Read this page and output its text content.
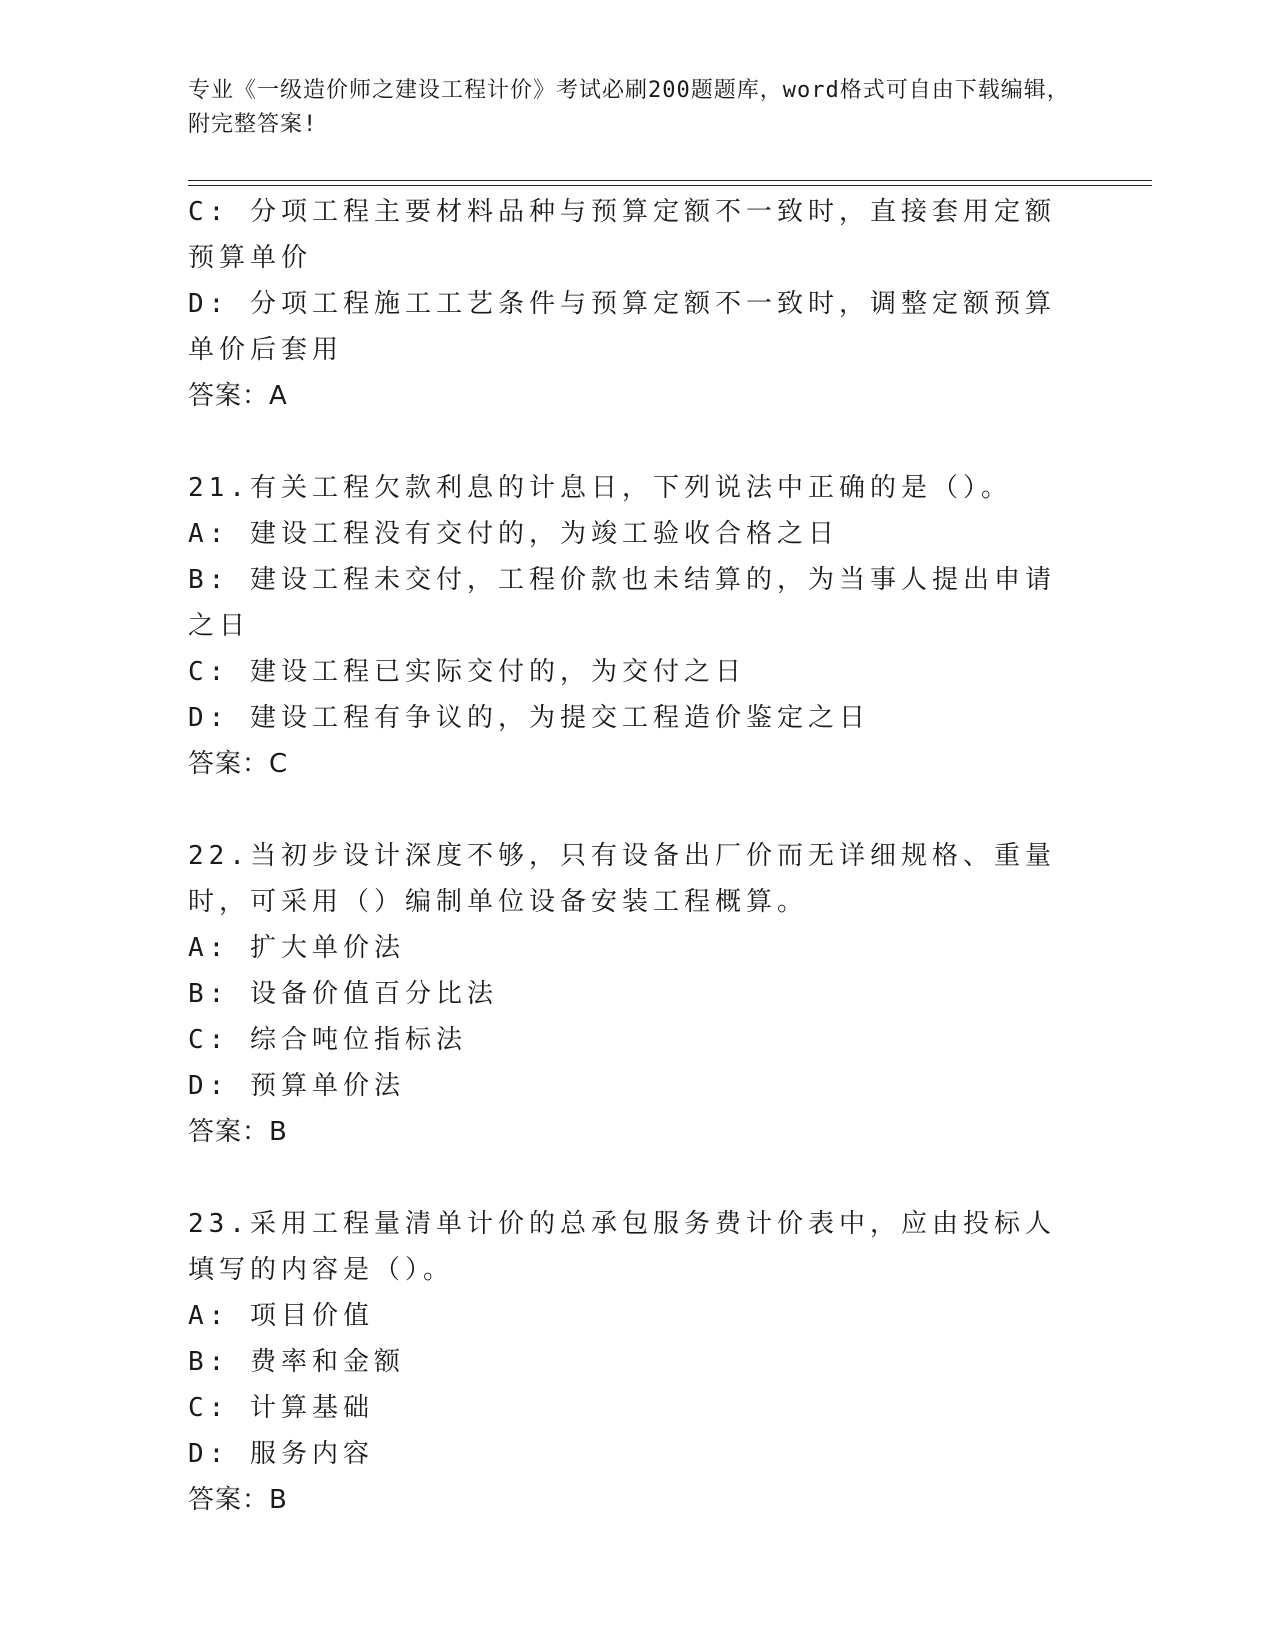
专业《一级造价师之建设工程计价》考试必刷200题题库，word格式可自由下载编辑，附完整答案!
C: 分项工程主要材料品种与预算定额不一致时，直接套用定额预算单价
D: 分项工程施工工艺条件与预算定额不一致时，调整定额预算单价后套用
答案：A
21.有关工程欠款利息的计息日，下列说法中正确的是（）。
A: 建设工程没有交付的，为竣工验收合格之日
B: 建设工程未交付，工程价款也未结算的，为当事人提出申请之日
C: 建设工程已实际交付的，为交付之日
D: 建设工程有争议的，为提交工程造价鉴定之日
答案：C
22.当初步设计深度不够，只有设备出厂价而无详细规格、重量时，可采用（）编制单位设备安装工程概算。
A: 扩大单价法
B: 设备价值百分比法
C: 综合吨位指标法
D: 预算单价法
答案：B
23.采用工程量清单计价的总承包服务费计价表中，应由投标人填写的内容是（）。
A: 项目价值
B: 费率和金额
C: 计算基础
D: 服务内容
答案：B
